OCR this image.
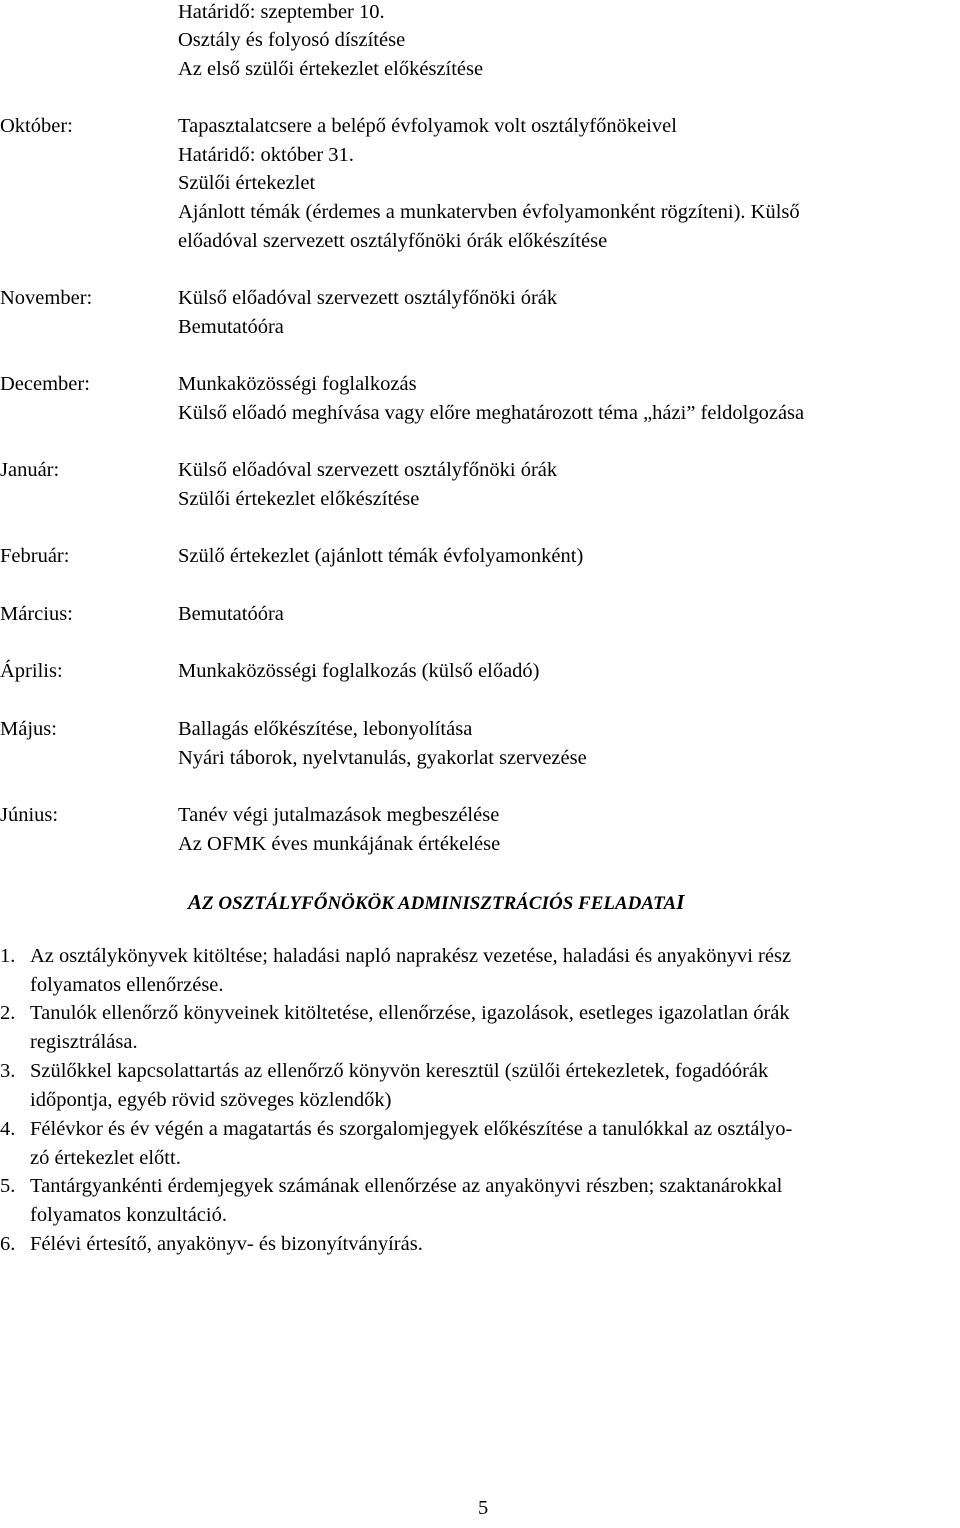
Határidő: szeptember 10.
Osztály és folyosó díszítése
Az első szülői értekezlet előkészítése
Október:	Tapasztalatcsere a belépő évfolyamok volt osztályfőnökeivel
Határidő: október 31.
Szülői értekezlet
Ajánlott témák (érdemes a munkatervben évfolyamonként rögzíteni). Külső
előadóval szervezett osztályfőnöki órák előkészítése
November:	Külső előadóval szervezett osztályfőnöki órák
Bemutatóóra
December:	Munkaközösségi foglalkozás
Külső előadó meghívása vagy előre meghatározott téma „házi” feldolgozása
Január:	Külső előadóval szervezett osztályfőnöki órák
Szülői értekezlet előkészítése
Február:	Szülő értekezlet (ajánlott témák évfolyamonként)
Március:	Bemutatóóra
Április:	Munkaközösségi foglalkozás (külső előadó)
Május:	Ballagás előkészítése, lebonyolítása
Nyári táborok, nyelvtanulás, gyakorlat szervezése
Június:	Tanév végi jutalmazások megbeszélése
Az OFMK éves munkájának értékelése
AZ OSZTÁLYFŐNÖKÖK ADMINISZTRÁCIÓS FELADATAI
1. Az osztálykönyvek kitöltése; haladási napló naprakész vezetése, haladási és anyakönyvi rész
folyamatos ellenőrzése.
2. Tanulók ellenőrző könyveinek kitöltetése, ellenőrzése, igazolások, esetleges igazolatlan órák
regisztrálása.
3. Szülőkkel kapcsolattartás az ellenőrző könyvön keresztül (szülői értekezletek, fogadóórák
időpontja, egyéb rövid szöveges közlendők)
4. Félévkor és év végén a magatartás és szorgalomjegyek előkészítése a tanulókkal az osztályo-
zó értekezlet előtt.
5. Tantárgyankénti érdemjegyek számának ellenőrzése az anyakönyvi részben; szaktanárokkal
folyamatos konzultáció.
6. Félévi értesítő, anyakönyv- és bizonyítványírás.
5
